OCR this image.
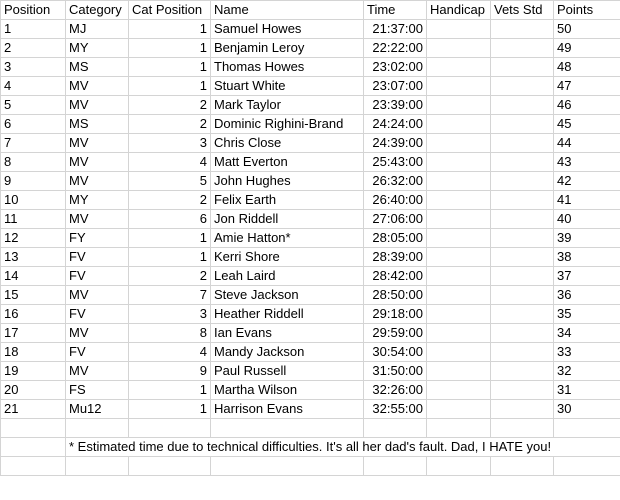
Position	Category	Cat Position	Name	Time	Handicap	Vets Std	Points
1	MJ	1	Samuel Howes	21:37:00			50
2	MY	1	Benjamin Leroy	22:22:00			49
3	MS	1	Thomas Howes	23:02:00			48
4	MV	1	Stuart White	23:07:00			47
5	MV	2	Mark Taylor	23:39:00			46
6	MS	2	Dominic Righini-Brand	24:24:00			45
7	MV	3	Chris Close	24:39:00			44
8	MV	4	Matt Everton	25:43:00			43
9	MV	5	John Hughes	26:32:00			42
10	MY	2	Felix Earth	26:40:00			41
11	MV	6	Jon Riddell	27:06:00			40
12	FY	1	Amie Hatton*	28:05:00			39
13	FV	1	Kerri Shore	28:39:00			38
14	FV	2	Leah Laird	28:42:00			37
15	MV	7	Steve Jackson	28:50:00			36
16	FV	3	Heather Riddell	29:18:00			35
17	MV	8	Ian Evans	29:59:00			34
18	FV	4	Mandy Jackson	30:54:00			33
19	MV	9	Paul Russell	31:50:00			32
20	FS	1	Martha Wilson	32:26:00			31
21	Mu12	1	Harrison Evans	32:55:00			30

	* Estimated time due to technical difficulties. It's all her dad's fault. Dad, I HATE you!						
